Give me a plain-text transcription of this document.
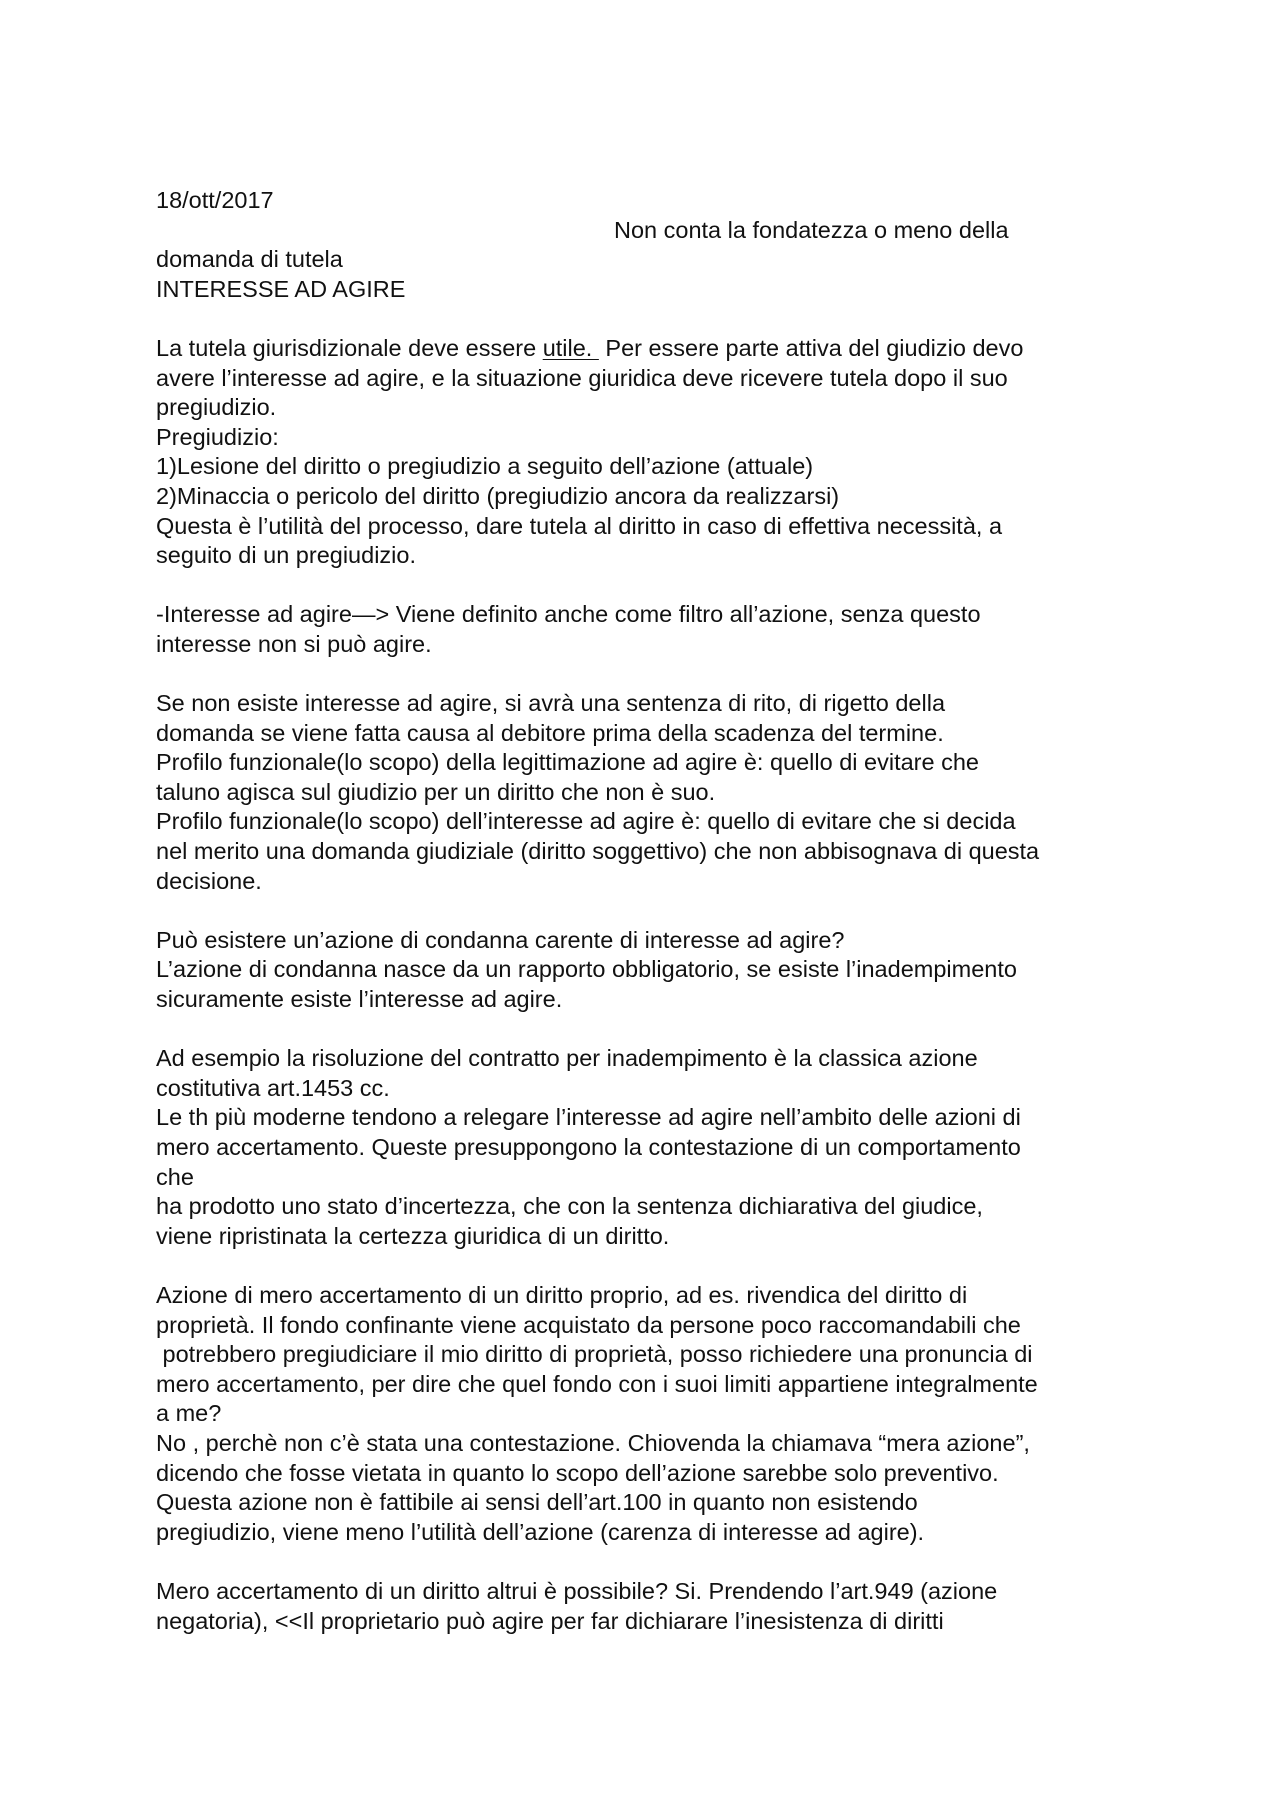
18/ott/2017
Non conta la fondatezza o meno della
domanda di tutela
INTERESSE AD AGIRE
La tutela giurisdizionale deve essere utile.  Per essere parte attiva del giudizio devo
avere l’interesse ad agire, e la situazione giuridica deve ricevere tutela dopo il suo
pregiudizio.
Pregiudizio:
1)Lesione del diritto o pregiudizio a seguito dell’azione (attuale)
2)Minaccia o pericolo del diritto (pregiudizio ancora da realizzarsi)
Questa è l’utilità del processo, dare tutela al diritto in caso di effettiva necessità, a
seguito di un pregiudizio.
-Interesse ad agire—> Viene definito anche come filtro all’azione, senza questo
interesse non si può agire.
Se non esiste interesse ad agire, si avrà una sentenza di rito, di rigetto della
domanda se viene fatta causa al debitore prima della scadenza del termine.
Profilo funzionale(lo scopo) della legittimazione ad agire è: quello di evitare che
taluno agisca sul giudizio per un diritto che non è suo.
Profilo funzionale(lo scopo) dell’interesse ad agire è: quello di evitare che si decida
nel merito una domanda giudiziale (diritto soggettivo) che non abbisognava di questa
decisione.
Può esistere un’azione di condanna carente di interesse ad agire?
L’azione di condanna nasce da un rapporto obbligatorio, se esiste l’inadempimento
sicuramente esiste l’interesse ad agire.
Ad esempio la risoluzione del contratto per inadempimento è la classica azione
costitutiva art.1453 cc.
Le th più moderne tendono a relegare l’interesse ad agire nell’ambito delle azioni di
mero accertamento. Queste presuppongono la contestazione di un comportamento
che
ha prodotto uno stato d’incertezza, che con la sentenza dichiarativa del giudice,
viene ripristinata la certezza giuridica di un diritto.
Azione di mero accertamento di un diritto proprio, ad es. rivendica del diritto di
proprietà. Il fondo confinante viene acquistato da persone poco raccomandabili che
potrebbero pregiudiciare il mio diritto di proprietà, posso richiedere una pronuncia di
mero accertamento, per dire che quel fondo con i suoi limiti appartiene integralmente
a me?
No , perchè non c’è stata una contestazione. Chiovenda la chiamava “mera azione”,
dicendo che fosse vietata in quanto lo scopo dell’azione sarebbe solo preventivo.
Questa azione non è fattibile ai sensi dell’art.100 in quanto non esistendo
pregiudizio, viene meno l’utilità dell’azione (carenza di interesse ad agire).
Mero accertamento di un diritto altrui è possibile? Si. Prendendo l’art.949 (azione
negatoria), <<Il proprietario può agire per far dichiarare l’inesistenza di diritti
